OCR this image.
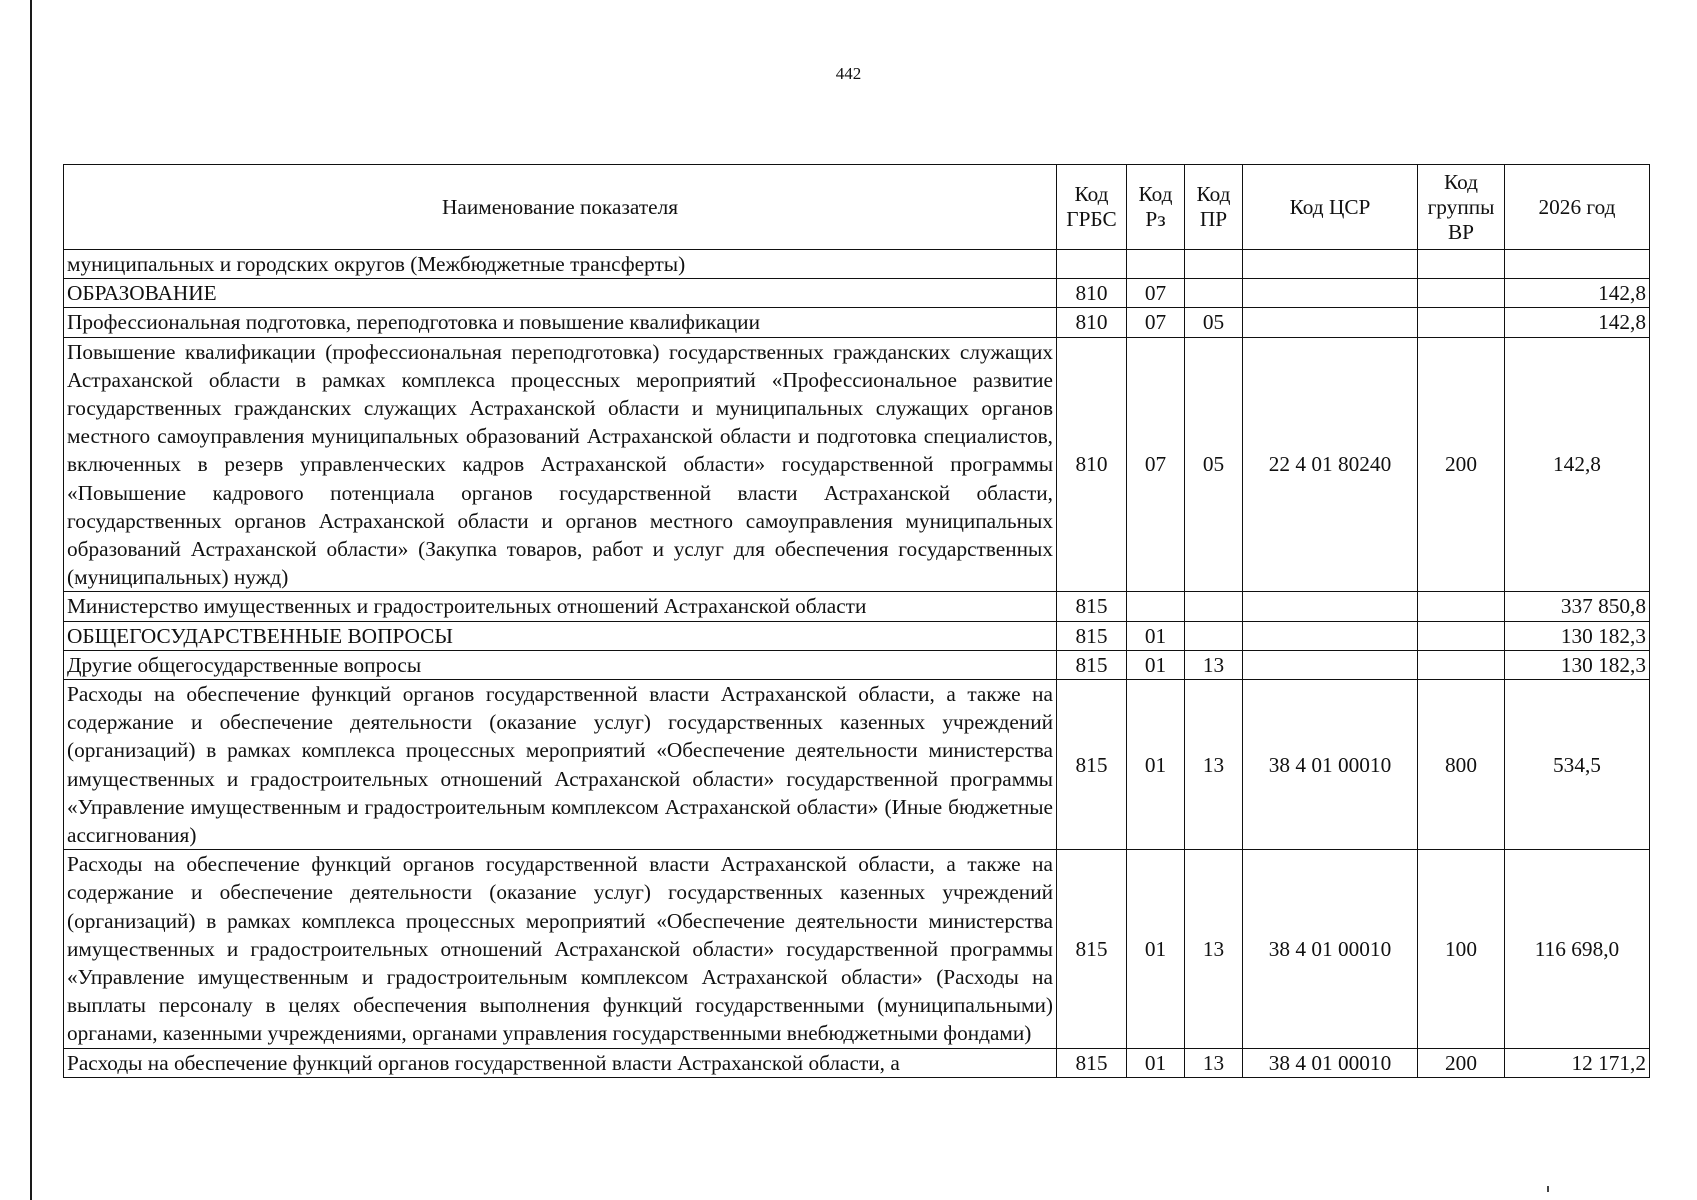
442
Наименование показателя	Код ГРБС	Код Рз	Код ПР	Код ЦСР	Код группы ВР	2026 год
муниципальных и городских округов (Межбюджетные трансферты)						
ОБРАЗОВАНИЕ	810	07				142,8
Профессиональная подготовка, переподготовка и повышение квалификации	810	07	05			142,8
Повышение квалификации (профессиональная переподготовка) государственных гражданских служащих Астраханской области в рамках комплекса процессных мероприятий «Профессиональное развитие государственных гражданских служащих Астраханской области и муниципальных служащих органов местного самоуправления муниципальных образований Астраханской области и подготовка специалистов, включенных в резерв управленческих кадров Астраханской области» государственной программы «Повышение кадрового потенциала органов государственной власти Астраханской области, государственных органов Астраханской области и органов местного самоуправления муниципальных образований Астраханской области» (Закупка товаров, работ и услуг для обеспечения государственных (муниципальных) нужд)	810	07	05	22 4 01 80240	200	142,8
Министерство имущественных и градостроительных отношений Астраханской области	815					337 850,8
ОБЩЕГОСУДАРСТВЕННЫЕ ВОПРОСЫ	815	01				130 182,3
Другие общегосударственные вопросы	815	01	13			130 182,3
Расходы на обеспечение функций органов государственной власти Астраханской области, а также на содержание и обеспечение деятельности (оказание услуг) государственных казенных учреждений (организаций) в рамках комплекса процессных мероприятий «Обеспечение деятельности министерства имущественных и градостроительных отношений Астраханской области» государственной программы «Управление имущественным и градостроительным комплексом Астраханской области» (Иные бюджетные ассигнования)	815	01	13	38 4 01 00010	800	534,5
Расходы на обеспечение функций органов государственной власти Астраханской области, а также на содержание и обеспечение деятельности (оказание услуг) государственных казенных учреждений (организаций) в рамках комплекса процессных мероприятий «Обеспечение деятельности министерства имущественных и градостроительных отношений Астраханской области» государственной программы «Управление имущественным и градостроительным комплексом Астраханской области» (Расходы на выплаты персоналу в целях обеспечения выполнения функций государственными (муниципальными) органами, казенными учреждениями, органами управления государственными внебюджетными фондами)	815	01	13	38 4 01 00010	100	116 698,0
Расходы на обеспечение функций органов государственной власти Астраханской области, а	815	01	13	38 4 01 00010	200	12 171,2
